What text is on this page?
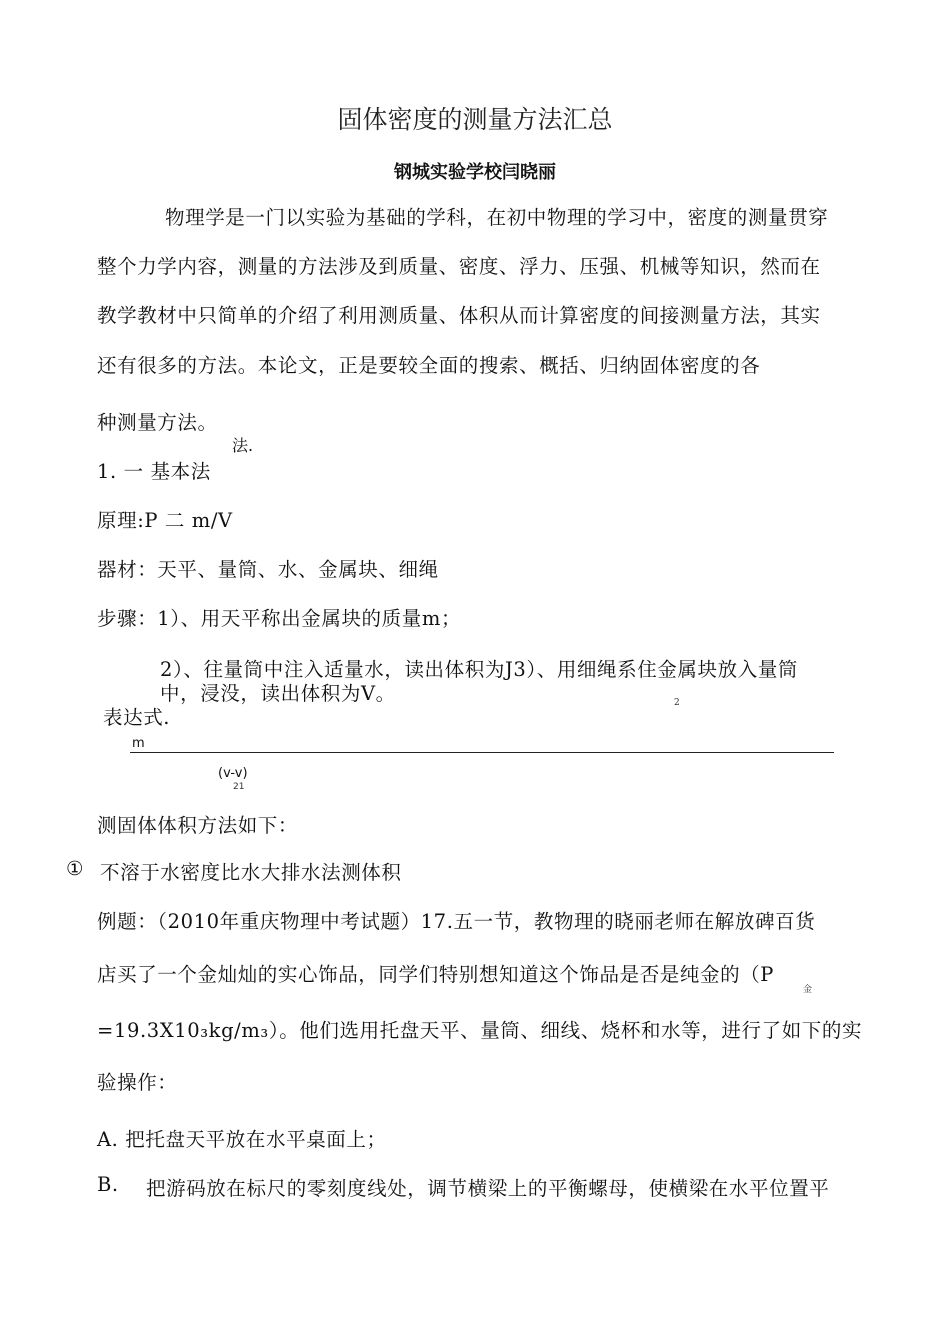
固体密度的测量方法汇总
钢城实验学校闫晓丽
物理学是一门以实验为基础的学科，在初中物理的学习中，密度的测量贯穿
整个力学内容，测量的方法涉及到质量、密度、浮力、压强、机械等知识，然而在
教学教材中只简单的介绍了利用测质量、体积从而计算密度的间接测量方法，其实
还有很多的方法。本论文，正是要较全面的搜索、概括、归纳固体密度的各
种测量方法。
法.
1. 一 基本法
原理:P 二 m/V
器材：天平、量筒、水、金属块、细绳
步骤：1）、用天平称出金属块的质量m；
2）、往量筒中注入适量水，读出体积为J3）、用细绳系住金属块放入量筒
中，浸没，读出体积为V。
表达式.
2
m
(v-v)
21
测固体体积方法如下：
① 不溶于水密度比水大排水法测体积
例题：（2010年重庆物理中考试题）17.五一节，教物理的晓丽老师在解放碑百货
店买了一个金灿灿的实心饰品，同学们特别想知道这个饰品是否是纯金的（P
金
=19.3X10₃kg/m₃）。他们选用托盘天平、量筒、细线、烧杯和水等，进行了如下的实
验操作：
A. 把托盘天平放在水平桌面上；
B. 把游码放在标尺的零刻度线处，调节横梁上的平衡螺母，使横梁在水平位置平
